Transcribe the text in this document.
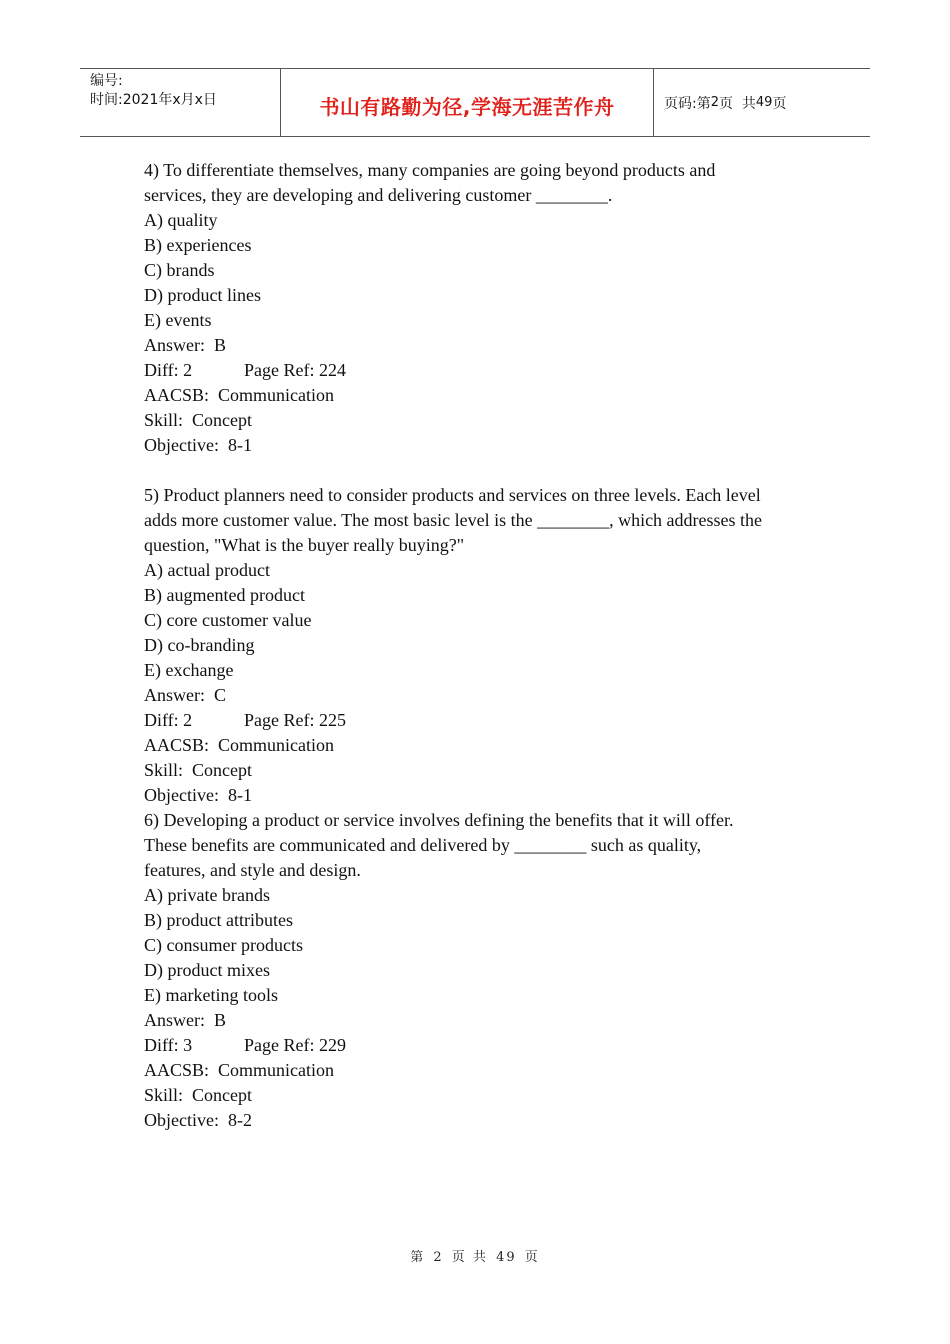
编号:
时间:2021年x月x日	书山有路勤为径,学海无涯苦作舟	页码:第 2 页  共 49 页
4) To differentiate themselves, many companies are going beyond products and
services, they are developing and delivering customer ________.
A) quality
B) experiences
C) brands
D) product lines
E) events
Answer:  B
Diff: 2	Page Ref: 224
AACSB:  Communication
Skill:  Concept
Objective:  8-1
5) Product planners need to consider products and services on three levels. Each level
adds more customer value. The most basic level is the ________, which addresses the
question, "What is the buyer really buying?"
A) actual product
B) augmented product
C) core customer value
D) co-branding
E) exchange
Answer:  C
Diff: 2	Page Ref: 225
AACSB:  Communication
Skill:  Concept
Objective:  8-1
6) Developing a product or service involves defining the benefits that it will offer.
These benefits are communicated and delivered by ________ such as quality,
features, and style and design.
A) private brands
B) product attributes
C) consumer products
D) product mixes
E) marketing tools
Answer:  B
Diff: 3	Page Ref: 229
AACSB:  Communication
Skill:  Concept
Objective:  8-2
第 2 页 共 49 页
